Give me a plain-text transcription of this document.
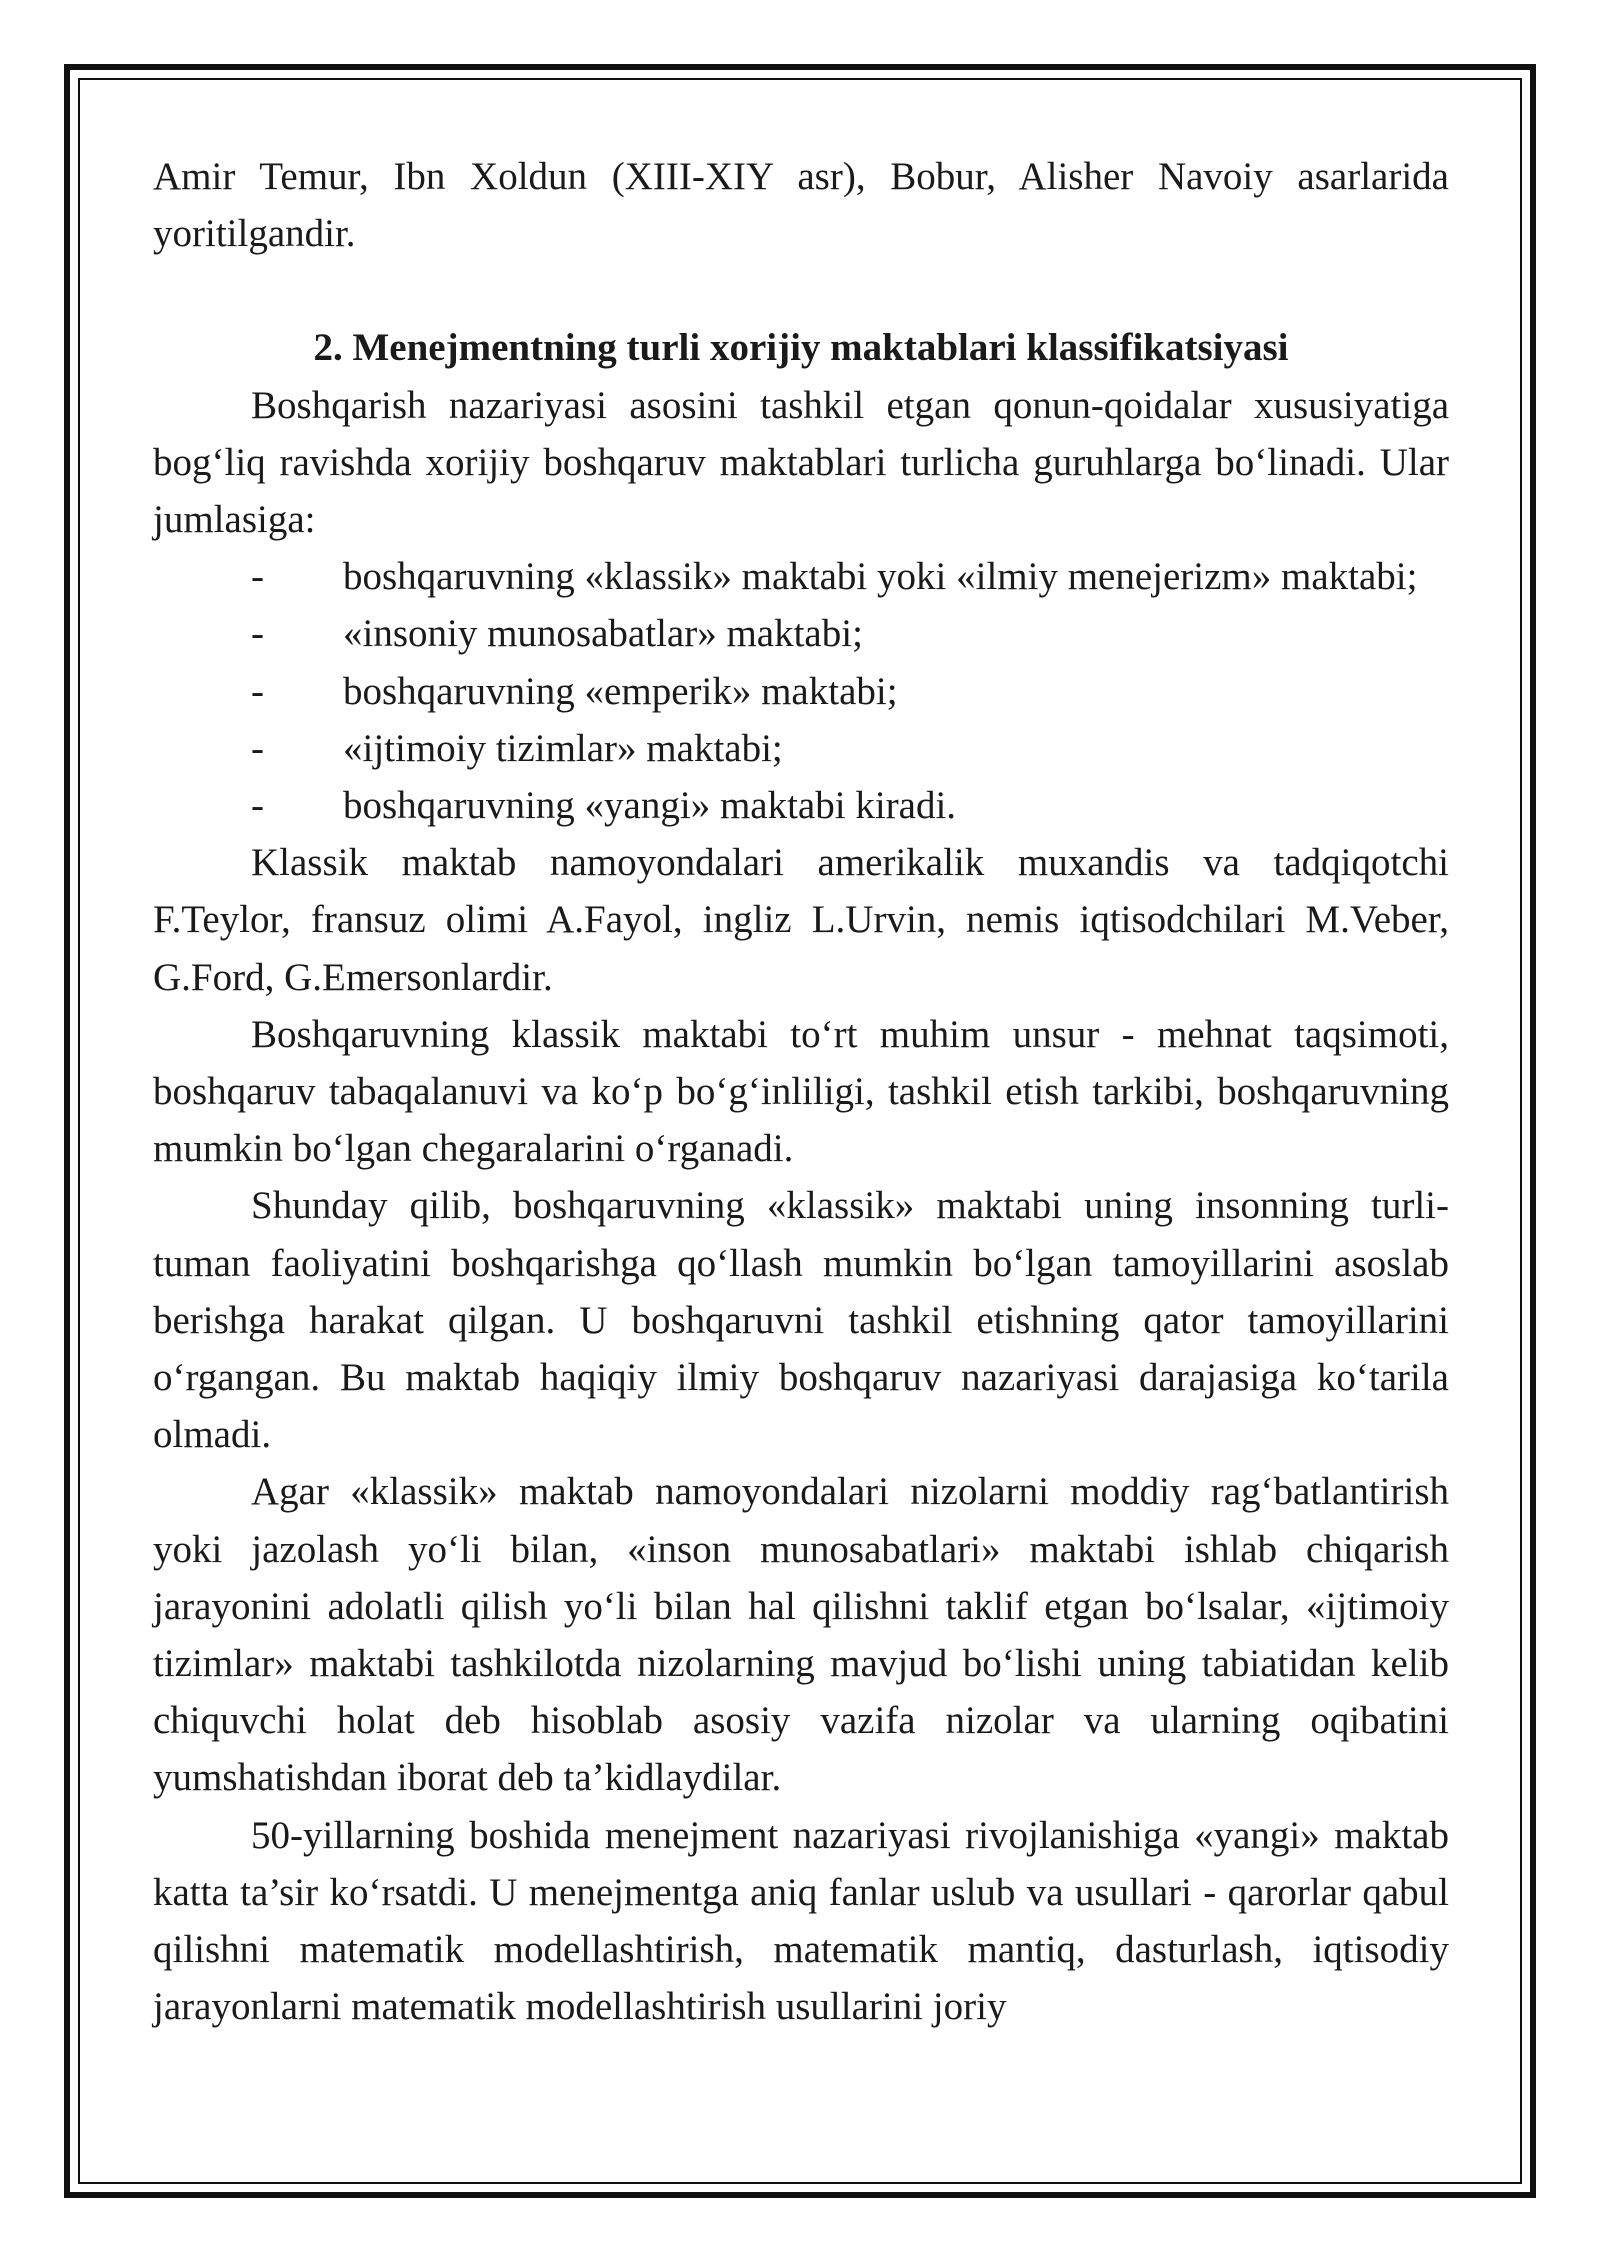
Amir Temur, Ibn Xoldun (XIII-XIY asr), Bobur, Alisher Navoiy asarlarida yoritilgandir.

2. Menejmentning turli xorijiy maktablari klassifikatsiyasi

Boshqarish nazariyasi asosini tashkil etgan qonun-qoidalar xususiyatiga bog‘liq ravishda xorijiy boshqaruv maktablari turlicha guruhlarga bo‘linadi. Ular jumlasiga:

- boshqaruvning «klassik» maktabi yoki «ilmiy menejerizm» maktabi;
-	«insoniy munosabatlar» maktabi;
-	boshqaruvning «emperik» maktabi;
-	«ijtimoiy tizimlar» maktabi;
-	boshqaruvning «yangi» maktabi kiradi.

Klassik maktab namoyondalari amerikalik muxandis va tadqiqotchi F.Teylor, fransuz olimi A.Fayol, ingliz L.Urvin, nemis iqtisodchilari M.Veber, G.Ford, G.Emersonlardir.

Boshqaruvning klassik maktabi to‘rt muhim unsur - mehnat taqsimoti, boshqaruv tabaqalanuvi va ko‘p bo‘g‘inliligi, tashkil etish tarkibi, boshqaruvning mumkin bo‘lgan chegaralarini o‘rganadi.

Shunday qilib, boshqaruvning «klassik» maktabi uning insonning turli-tuman faoliyatini boshqarishga qo‘llash mumkin bo‘lgan tamoyillarini asoslab berishga harakat qilgan. U boshqaruvni tashkil etishning qator tamoyillarini o‘rgangan. Bu maktab haqiqiy ilmiy boshqaruv nazariyasi darajasiga ko‘tarila olmadi.

Agar «klassik» maktab namoyondalari nizolarni moddiy rag‘batlantirish yoki jazolash yo‘li bilan, «inson munosabatlari» maktabi ishlab chiqarish jarayonini adolatli qilish yo‘li bilan hal qilishni taklif etgan bo‘lsalar, «ijtimoiy tizimlar» maktabi tashkilotda nizolarning mavjud bo‘lishi uning tabiatidan kelib chiquvchi holat deb hisoblab asosiy vazifa nizolar va ularning oqibatini yumshatishdan iborat deb ta’kidlaydilar.

50-yillarning boshida menejment nazariyasi rivojlanishiga «yangi» maktab katta ta’sir ko‘rsatdi. U menejmentga aniq fanlar uslub va usullari - qarorlar qabul qilishni matematik modellashtirish, matematik mantiq, dasturlash, iqtisodiy jarayonlarni matematik modellashtirish usullarini joriy
